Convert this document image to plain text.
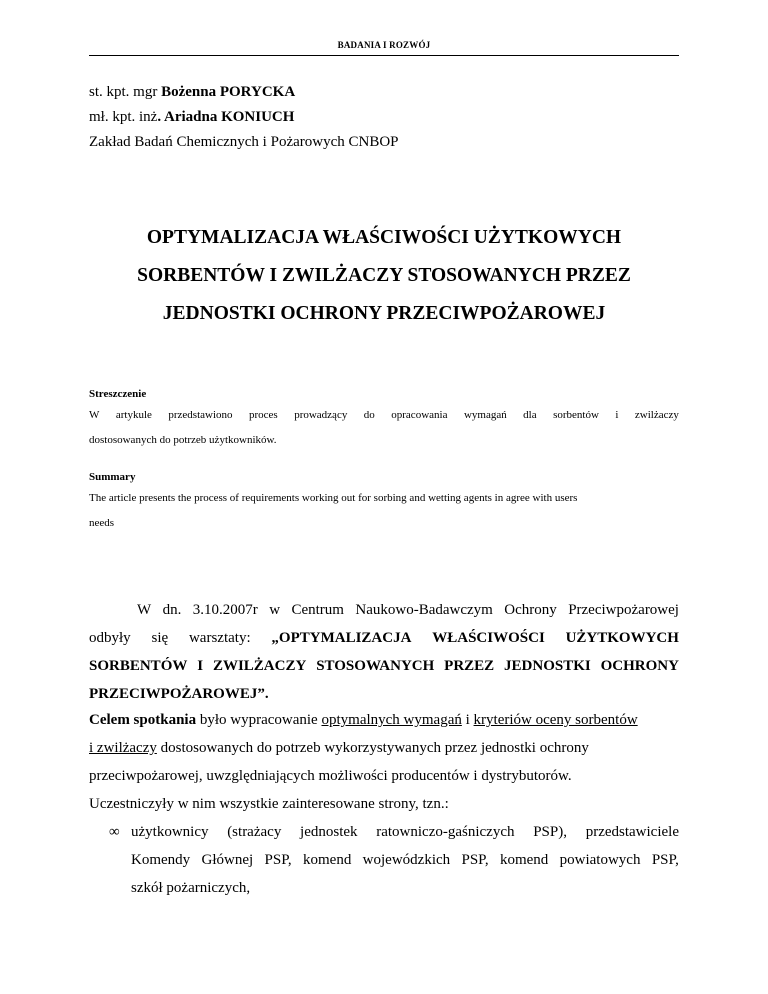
BADANIA I ROZWÓJ
st. kpt. mgr Bożenna PORYCKA
mł. kpt. inż. Ariadna KONIUCH
Zakład Badań Chemicznych i Pożarowych CNBOP
OPTYMALIZACJA WŁAŚCIWOŚCI UŻYTKOWYCH
SORBENTÓW I ZWILŻACZY STOSOWANYCH PRZEZ
JEDNOSTKI OCHRONY PRZECIWPOŻAROWEJ
Streszczenie
W artykule przedstawiono proces prowadzący do opracowania wymagań dla sorbentów i zwilżaczy
dostosowanych do potrzeb użytkowników.
Summary
The article presents the process of requirements working out for sorbing and wetting agents in agree with users
needs
W dn. 3.10.2007r w Centrum Naukowo-Badawczym Ochrony Przeciwpożarowej
odbyły się warsztaty: „OPTYMALIZACJA WŁAŚCIWOŚCI UŻYTKOWYCH
SORBENTÓW I ZWILŻACZY STOSOWANYCH PRZEZ JEDNOSTKI OCHRONY
PRZECIWPOŻAROWEJ”.
Celem spotkania było wypracowanie optymalnych wymagań i kryteriów oceny sorbentów
i zwilżaczy dostosowanych do potrzeb wykorzystywanych przez jednostki ochrony
przeciwpożarowej, uwzględniających możliwości producentów i dystrybutorów.
Uczestniczyły w nim wszystkie zainteresowane strony, tzn.:
∞ użytkownicy (strażacy jednostek ratowniczo-gaśniczych PSP), przedstawiciele
Komendy Głównej PSP, komend wojewódzkich PSP, komend powiatowych PSP,
szkół pożarniczych,
